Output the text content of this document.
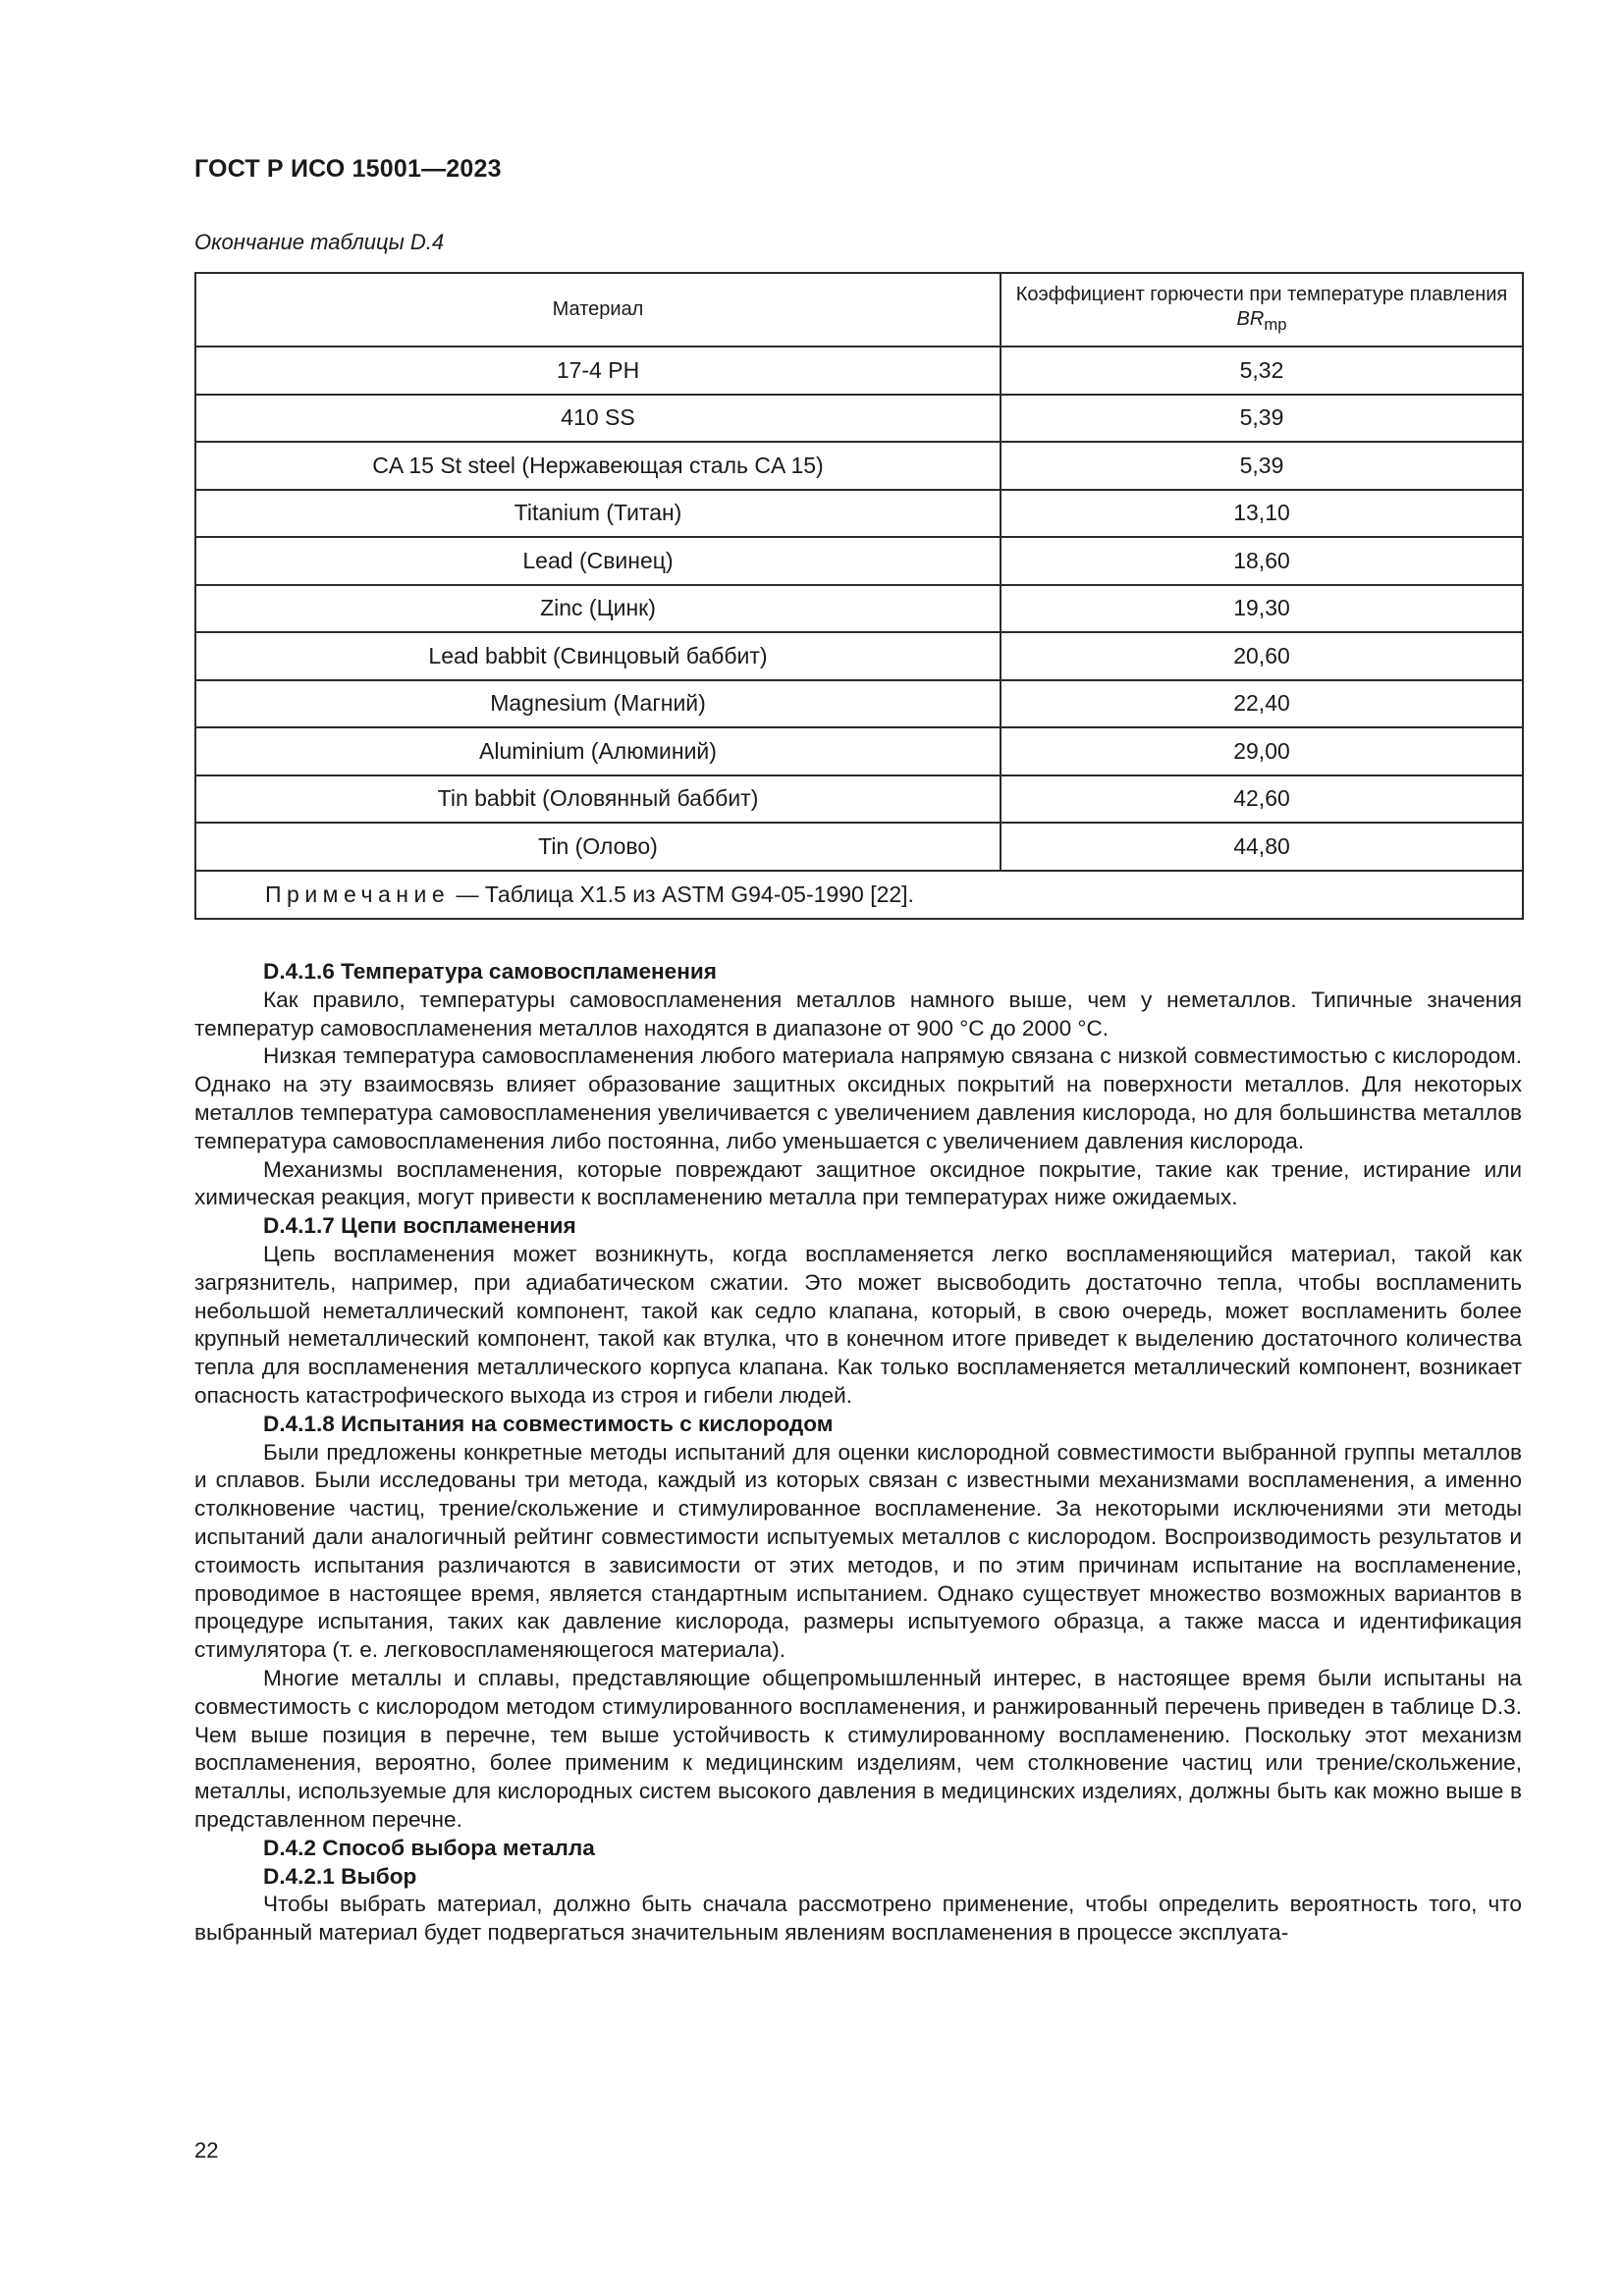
ГОСТ Р ИСО 15001—2023
Окончание таблицы D.4
Материал	Коэффициент горючести при температуре плавления $BR_{mp}$
17-4 PH	5,32
410 SS	5,39
CA 15 St steel (Нержавеющая сталь CA 15)	5,39
Titanium (Титан)	13,10
Lead (Свинец)	18,60
Zinc (Цинк)	19,30
Lead babbit (Свинцовый баббит)	20,60
Magnesium (Магний)	22,40
Aluminium (Алюминий)	29,00
Tin babbit (Оловянный баббит)	42,60
Tin (Олово)	44,80
Примечание — Таблица X1.5 из ASTM G94-05-1990 [22].	

D.4.1.6 Температура самовоспламенения

Как правило, температуры самовоспламенения металлов намного выше, чем у неметаллов. Типичные значения температур самовоспламенения металлов находятся в диапазоне от 900 °C до 2000 °C.

Низкая температура самовоспламенения любого материала напрямую связана с низкой совместимостью с кислородом. Однако на эту взаимосвязь влияет образование защитных оксидных покрытий на поверхности металлов. Для некоторых металлов температура самовоспламенения увеличивается с увеличением давления кислорода, но для большинства металлов температура самовоспламенения либо постоянна, либо уменьшается с увеличением давления кислорода.

Механизмы воспламенения, которые повреждают защитное оксидное покрытие, такие как трение, истирание или химическая реакция, могут привести к воспламенению металла при температурах ниже ожидаемых.

D.4.1.7 Цепи воспламенения

Цепь воспламенения может возникнуть, когда воспламеняется легко воспламеняющийся материал, такой как загрязнитель, например, при адиабатическом сжатии. Это может высвободить достаточно тепла, чтобы воспламенить небольшой неметаллический компонент, такой как седло клапана, который, в свою очередь, может воспламенить более крупный неметаллический компонент, такой как втулка, что в конечном итоге приведет к выделению достаточного количества тепла для воспламенения металлического корпуса клапана. Как только воспламеняется металлический компонент, возникает опасность катастрофического выхода из строя и гибели людей.

D.4.1.8 Испытания на совместимость с кислородом

Были предложены конкретные методы испытаний для оценки кислородной совместимости выбранной группы металлов и сплавов. Были исследованы три метода, каждый из которых связан с известными механизмами воспламенения, а именно столкновение частиц, трение/скольжение и стимулированное воспламенение. За некоторыми исключениями эти методы испытаний дали аналогичный рейтинг совместимости испытуемых металлов с кислородом. Воспроизводимость результатов и стоимость испытания различаются в зависимости от этих методов, и по этим причинам испытание на воспламенение, проводимое в настоящее время, является стандартным испытанием. Однако существует множество возможных вариантов в процедуре испытания, таких как давление кислорода, размеры испытуемого образца, а также масса и идентификация стимулятора (т. е. легковоспламеняющегося материала).

Многие металлы и сплавы, представляющие общепромышленный интерес, в настоящее время были испытаны на совместимость с кислородом методом стимулированного воспламенения, и ранжированный перечень приведен в таблице D.3. Чем выше позиция в перечне, тем выше устойчивость к стимулированному воспламенению. Поскольку этот механизм воспламенения, вероятно, более применим к медицинским изделиям, чем столкновение частиц или трение/скольжение, металлы, используемые для кислородных систем высокого давления в медицинских изделиях, должны быть как можно выше в представленном перечне.

D.4.2 Способ выбора металла

D.4.2.1 Выбор

Чтобы выбрать материал, должно быть сначала рассмотрено применение, чтобы определить вероятность того, что выбранный материал будет подвергаться значительным явлениям воспламенения в процессе эксплуата-

22
